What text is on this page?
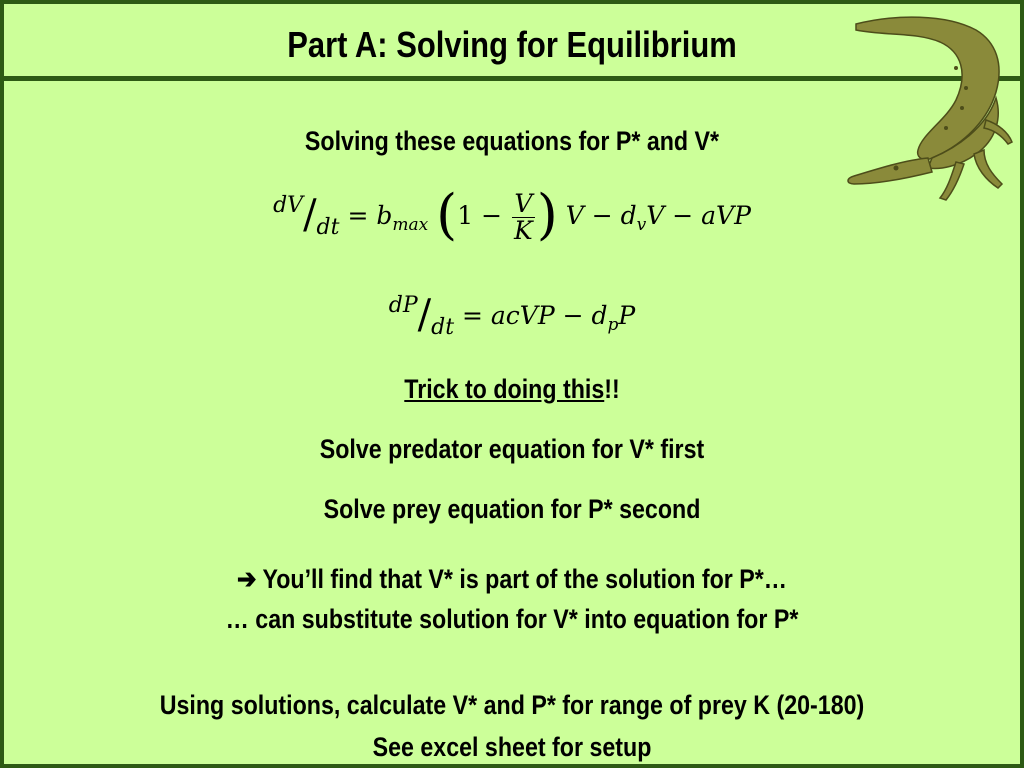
Part A: Solving for Equilibrium
Solving these equations for P* and V*
$dV/dt = b_{max}$ ($1 - \frac{V}{K}$ ) $V - d_vV$ − aVP
dP/dt = acVP − $d_pP$
Trick to doing this!!
Solve predator equation for V* first
Solve prey equation for P* second
➔ You’ll find that V* is part of the solution for P*…
… can substitute solution for V* into equation for P*
Using solutions, calculate V* and P* for range of prey K (20-180)
See excel sheet for setup
